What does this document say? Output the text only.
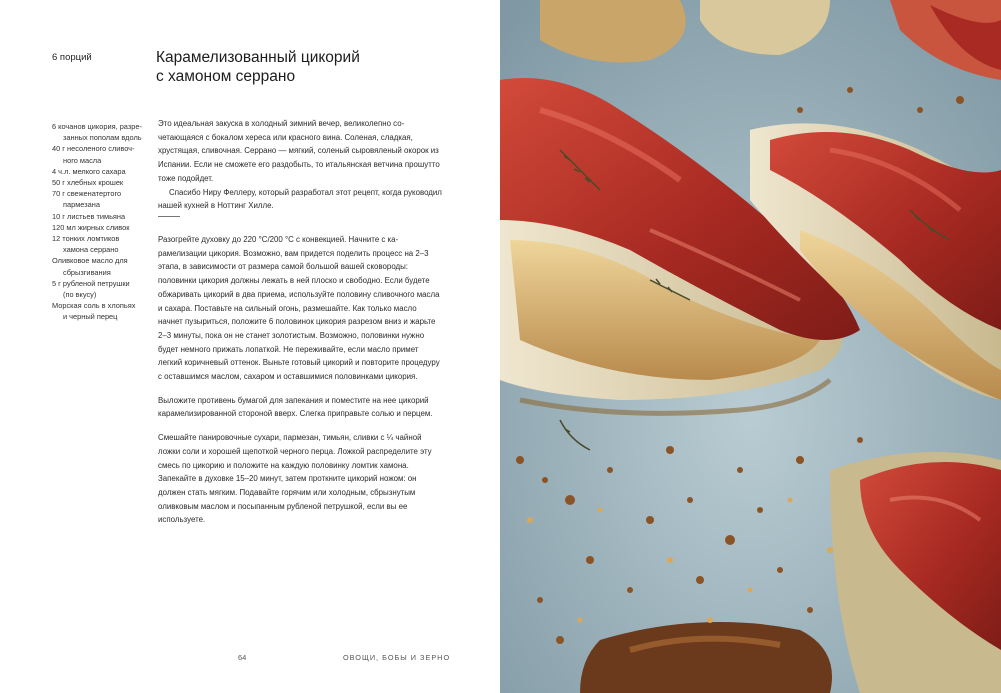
6 порций	Карамелизованный цикорий
с хамоном серрано
6 кочанов цикория, разре-
занных пополам вдоль
40 г несоленого сливоч-
ного масла
4 ч.л. мелкого сахара
50 г хлебных крошек
70 г свеженатертого
пармезана
10 г листьев тимьяна
120 мл жирных сливок
12 тонких ломтиков
хамона серрано
Оливковое масло для
сбрызгивания
5 г рубленой петрушки
(по вкусу)
Морская соль в хлопьях
и черный перец

Это идеальная закуска в холодный зимний вечер, великолепно сочетающаяся с бокалом хереса или красного вина. Соленая, сладкая, хрустящая, сливочная. Серрано — мягкий, соленый сыровяленый окорок из Испании. Если не сможете его раздобыть, то итальянская ветчина прошутто тоже подойдет.

Спасибо Ниру Феллеру, который разработал этот рецепт, когда руководил нашей кухней в Ноттинг Хилле.

Разогрейте духовку до 220 °С/200 °С с конвекцией. Начните с карамелизации цикория. Возможно, вам придется поделить процесс на 2–3 этапа, в зависимости от размера самой большой вашей сковороды: половинки цикория должны лежать в ней плоско и свободно. Если будете обжаривать цикорий в два приема, используйте половину сливочного масла и сахара. Поставьте на сильный огонь, размешайте. Как только масло начнет пузыриться, положите 6 половинок цикория разрезом вниз и жарьте 2–3 минуты, пока он не станет золотистым. Возможно, половинки нужно будет немного прижать лопаткой. Не переживайте, если масло примет легкий коричневый оттенок. Выньте готовый цикорий и повторите процедуру с оставшимся маслом, сахаром и оставшимися половинками цикория.

Выложите противень бумагой для запекания и поместите на нее цикорий карамелизированной стороной вверх. Слегка приправьте солью и перцем.

Смешайте панировочные сухари, пармезан, тимьян, сливки с ¼ чайной ложки соли и хорошей щепоткой черного перца. Ложкой распределите эту смесь по цикорию и положите на каждую половинку ломтик хамона. Запекайте в духовке 15–20 минут, затем проткните цикорий ножом: он должен стать мягким. Подавайте горячим или холодным, сбрызнутым оливковым маслом и посыпанным рубленой петрушкой, если вы ее используете.

64	ОВОЩИ, БОБЫ И ЗЕРНО
